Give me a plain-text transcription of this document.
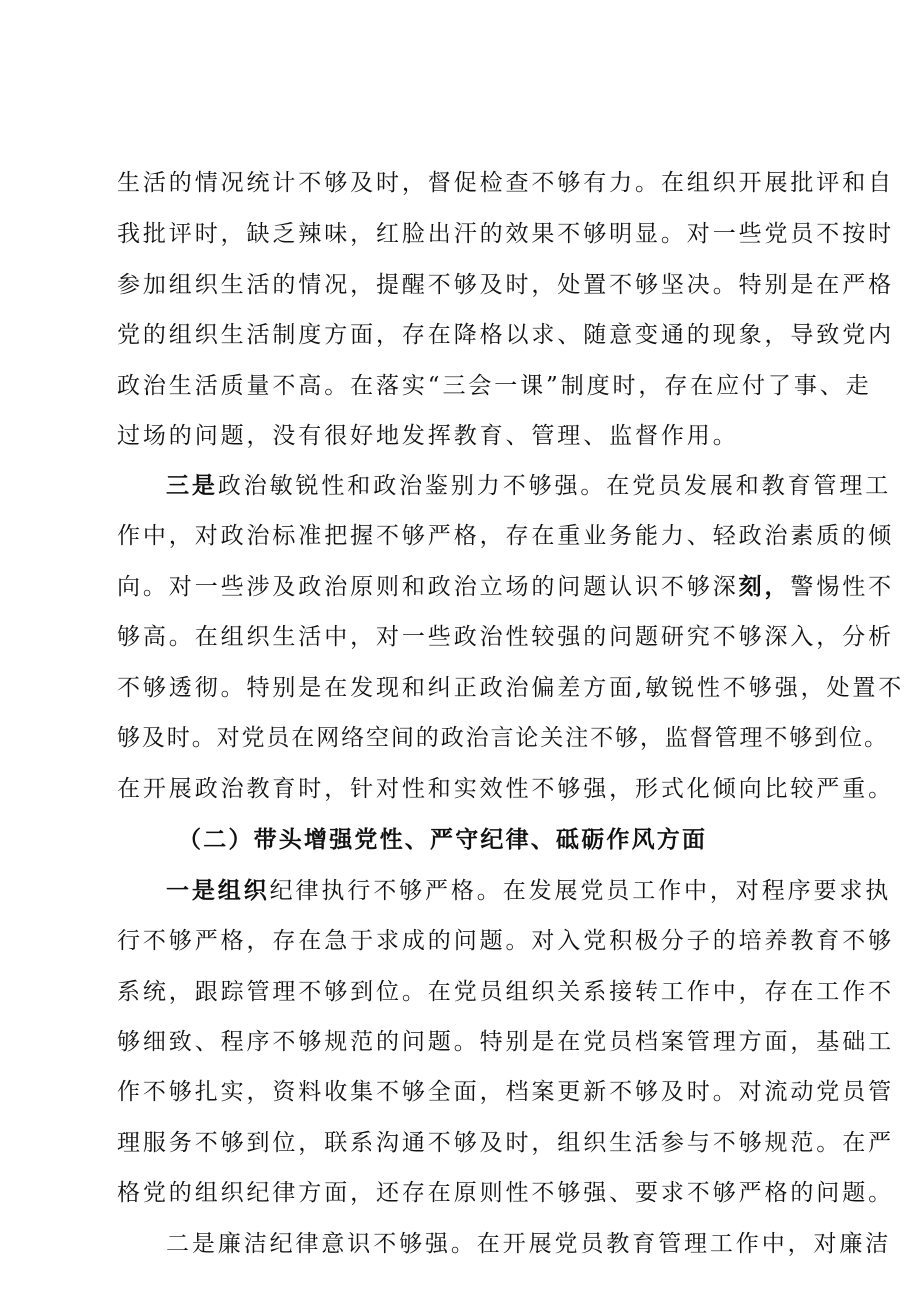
生活的情况统计不够及时，督促检查不够有力。在组织开展批评和自
我批评时，缺乏辣味，红脸出汗的效果不够明显。对一些党员不按时
参加组织生活的情况，提醒不够及时，处置不够坚决。特别是在严格
党的组织生活制度方面，存在降格以求、随意变通的现象，导致党内
政治生活质量不高。在落实“三会一课”制度时，存在应付了事、走
过场的问题，没有很好地发挥教育、管理、监督作用。
三是政治敏锐性和政治鉴别力不够强。在党员发展和教育管理工
作中，对政治标准把握不够严格，存在重业务能力、轻政治素质的倾
向。对一些涉及政治原则和政治立场的问题认识不够深刻，警惕性不
够高。在组织生活中，对一些政治性较强的问题研究不够深入，分析
不够透彻。特别是在发现和纠正政治偏差方面,敏锐性不够强，处置不
够及时。对党员在网络空间的政治言论关注不够，监督管理不够到位。
在开展政治教育时，针对性和实效性不够强，形式化倾向比较严重。
（二）带头增强党性、严守纪律、砥砺作风方面
一是组织纪律执行不够严格。在发展党员工作中，对程序要求执
行不够严格，存在急于求成的问题。对入党积极分子的培养教育不够
系统，跟踪管理不够到位。在党员组织关系接转工作中，存在工作不
够细致、程序不够规范的问题。特别是在党员档案管理方面，基础工
作不够扎实，资料收集不够全面，档案更新不够及时。对流动党员管
理服务不够到位，联系沟通不够及时，组织生活参与不够规范。在严
格党的组织纪律方面，还存在原则性不够强、要求不够严格的问题。
二是廉洁纪律意识不够强。在开展党员教育管理工作中，对廉洁
